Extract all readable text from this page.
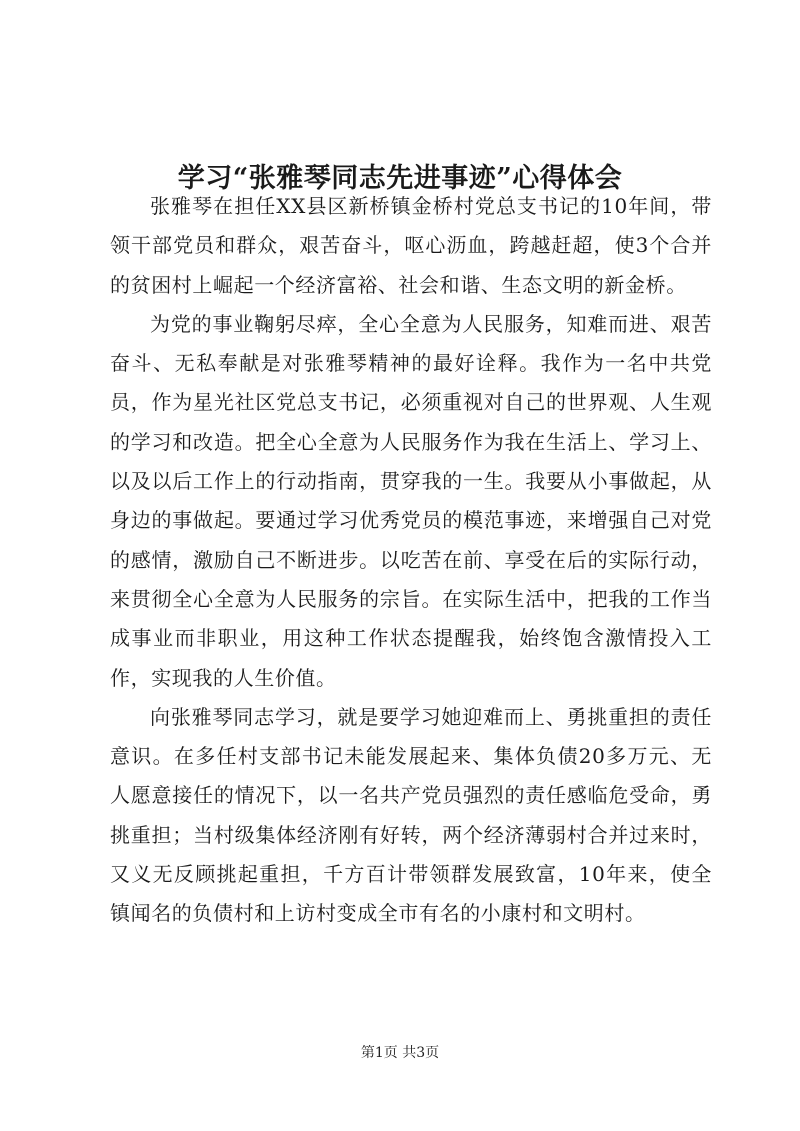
学习“张雅琴同志先进事迹”心得体会

张雅琴在担任XX县区新桥镇金桥村党总支书记的10年间，带领干部党员和群众，艰苦奋斗，呕心沥血，跨越赶超，使3个合并的贫困村上崛起一个经济富裕、社会和谐、生态文明的新金桥。

为党的事业鞠躬尽瘁，全心全意为人民服务，知难而进、艰苦奋斗、无私奉献是对张雅琴精神的最好诠释。我作为一名中共党员，作为星光社区党总支书记，必须重视对自己的世界观、人生观的学习和改造。把全心全意为人民服务作为我在生活上、学习上、以及以后工作上的行动指南，贯穿我的一生。我要从小事做起，从身边的事做起。要通过学习优秀党员的模范事迹，来增强自己对党的感情，激励自己不断进步。以吃苦在前、享受在后的实际行动，来贯彻全心全意为人民服务的宗旨。在实际生活中，把我的工作当成事业而非职业，用这种工作状态提醒我，始终饱含激情投入工作，实现我的人生价值。

向张雅琴同志学习，就是要学习她迎难而上、勇挑重担的责任意识。在多任村支部书记未能发展起来、集体负债20多万元、无人愿意接任的情况下，以一名共产党员强烈的责任感临危受命，勇挑重担；当村级集体经济刚有好转，两个经济薄弱村合并过来时，又义无反顾挑起重担，千方百计带领群发展致富，10年来，使全镇闻名的负债村和上访村变成全市有名的小康村和文明村。

第1页 共3页
